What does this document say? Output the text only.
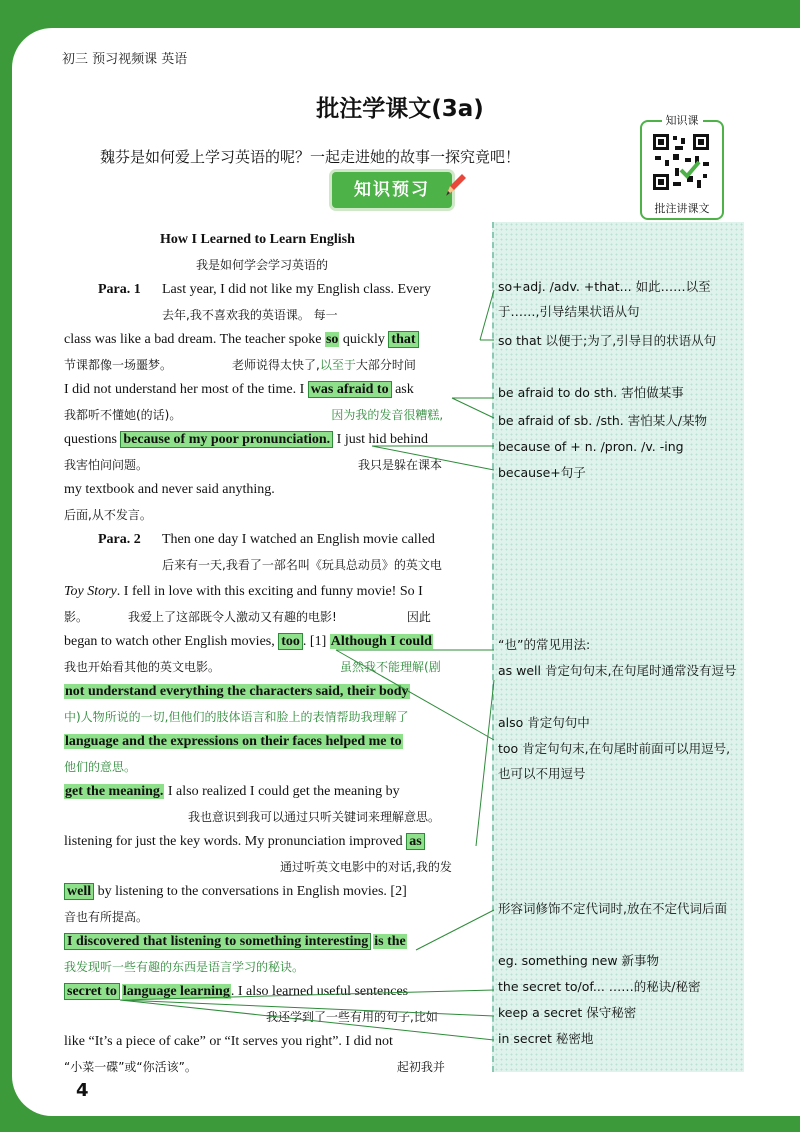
初三 预习视频课 英语
批注学课文(3a)
魏芬是如何爱上学习英语的呢？一起走进她的故事一探究竟吧！
知识预习
知识课
批注讲课文
How I Learned to Learn English
我是如何学会学习英语的
Para. 1 Last year, I did not like my English class. Every
去年,我不喜欢我的英语课。 每一
class was like a bad dream. The teacher spoke so quickly that
节课都像一场噩梦。	老师说得太快了,以至于大部分时间
I did not understand her most of the time. I was afraid to ask
我都听不懂她(的话)。	因为我的发音很糟糕,
questions because of my poor pronunciation. I just hid behind
我害怕问问题。	我只是躲在课本
my textbook and never said anything.
后面,从不发言。
Para. 2 Then one day I watched an English movie called
后来有一天,我看了一部名叫《玩具总动员》的英文电
Toy Story. I fell in love with this exciting and funny movie! So I
影。	我爱上了这部既令人激动又有趣的电影!	因此
began to watch other English movies, too . [1] Although I could
我也开始看其他的英文电影。	虽然我不能理解(剧
not understand everything the characters said, their body
中)人物所说的一切,但他们的肢体语言和脸上的表情帮助我理解了
language and the expressions on their faces helped me to
他们的意思。
get the meaning. I also realized I could get the meaning by
我也意识到我可以通过只听关键词来理解意思。
listening for just the key words. My pronunciation improved as
通过听英文电影中的对话,我的发
well by listening to the conversations in English movies. [2]
音也有所提高。
I discovered that listening to something interesting is the
我发现听一些有趣的东西是语言学习的秘诀。
secret to language learning. I also learned useful sentences
我还学到了一些有用的句子,比如
like “It’s a piece of cake” or “It serves you right”. I did not
“小菜一碟”或“你活该”。	起初我并
so+adj. /adv. +that... 如此……以至于……,引导结果状语从句
so that 以便于;为了,引导目的状语从句
be afraid to do sth. 害怕做某事
be afraid of sb. /sth. 害怕某人/某物
because of + n. /pron. /v. -ing
because+句子
“也”的常见用法:
as well 肯定句句末,在句尾时通常没有逗号
also 肯定句句中
too 肯定句句末,在句尾时前面可以用逗号,也可以不用逗号
形容词修饰不定代词时,放在不定代词后面
eg. something new 新事物
the secret to/of... ……的秘诀/秘密
keep a secret 保守秘密
in secret 秘密地
4
